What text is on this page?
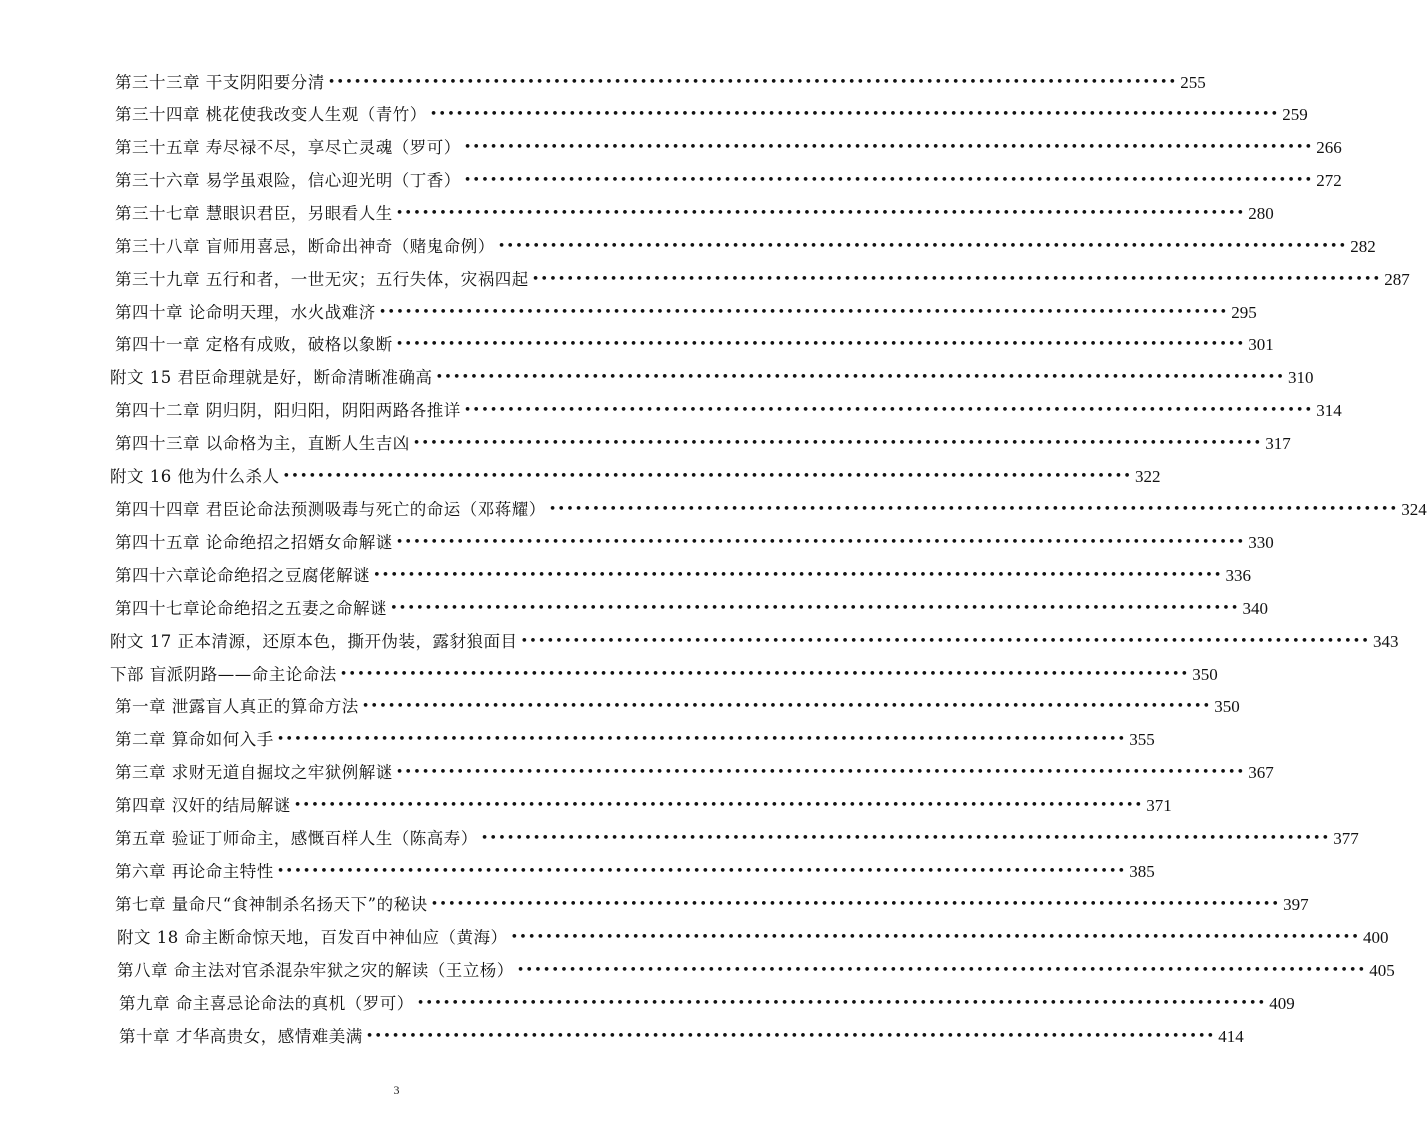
第三十三章 干支阴阳要分清 •••••••••••••••••••••••••••••••••••••••••••••••••••••••••••••••••••••••••••••••••••••••••••••••••• 255
第三十四章 桃花使我改变人生观（青竹） •••••••••••••••••••••••••••••••••••••••••••••••••••••••••••••••••••••••••••••••••••••••••••••••••• 259
第三十五章 寿尽禄不尽，享尽亡灵魂（罗可） •••••••••••••••••••••••••••••••••••••••••••••••••••••••••••••••••••••••••••••••••••••••••••••••••• 266
第三十六章 易学虽艰险，信心迎光明（丁香） •••••••••••••••••••••••••••••••••••••••••••••••••••••••••••••••••••••••••••••••••••••••••••••••••• 272
第三十七章 慧眼识君臣，另眼看人生 •••••••••••••••••••••••••••••••••••••••••••••••••••••••••••••••••••••••••••••••••••••••••••••••••• 280
第三十八章 盲师用喜忌，断命出神奇（赌鬼命例） •••••••••••••••••••••••••••••••••••••••••••••••••••••••••••••••••••••••••••••••••••••••••••••••••• 282
第三十九章 五行和者，一世无灾；五行失体，灾祸四起 •••••••••••••••••••••••••••••••••••••••••••••••••••••••••••••••••••••••••••••••••••••••••••••••••• 287
第四十章 论命明天理，水火战难济 •••••••••••••••••••••••••••••••••••••••••••••••••••••••••••••••••••••••••••••••••••••••••••••••••• 295
第四十一章 定格有成败，破格以象断 •••••••••••••••••••••••••••••••••••••••••••••••••••••••••••••••••••••••••••••••••••••••••••••••••• 301
附文 15 君臣命理就是好，断命清晰准确高 •••••••••••••••••••••••••••••••••••••••••••••••••••••••••••••••••••••••••••••••••••••••••••••••••• 310
第四十二章 阴归阴，阳归阳，阴阳两路各推详 •••••••••••••••••••••••••••••••••••••••••••••••••••••••••••••••••••••••••••••••••••••••••••••••••• 314
第四十三章 以命格为主，直断人生吉凶 •••••••••••••••••••••••••••••••••••••••••••••••••••••••••••••••••••••••••••••••••••••••••••••••••• 317
附文 16 他为什么杀人 •••••••••••••••••••••••••••••••••••••••••••••••••••••••••••••••••••••••••••••••••••••••••••••••••• 322
第四十四章 君臣论命法预测吸毒与死亡的命运（邓蒋耀） •••••••••••••••••••••••••••••••••••••••••••••••••••••••••••••••••••••••••••••••••••••••••••••••••• 324
第四十五章 论命绝招之招婿女命解谜 •••••••••••••••••••••••••••••••••••••••••••••••••••••••••••••••••••••••••••••••••••••••••••••••••• 330
第四十六章论命绝招之豆腐佬解谜 •••••••••••••••••••••••••••••••••••••••••••••••••••••••••••••••••••••••••••••••••••••••••••••••••• 336
第四十七章论命绝招之五妻之命解谜 •••••••••••••••••••••••••••••••••••••••••••••••••••••••••••••••••••••••••••••••••••••••••••••••••• 340
附文 17 正本清源，还原本色，撕开伪装，露豺狼面目 •••••••••••••••••••••••••••••••••••••••••••••••••••••••••••••••••••••••••••••••••••••••••••••••••• 343
下部 盲派阴路——命主论命法 •••••••••••••••••••••••••••••••••••••••••••••••••••••••••••••••••••••••••••••••••••••••••••••••••• 350
第一章 泄露盲人真正的算命方法 •••••••••••••••••••••••••••••••••••••••••••••••••••••••••••••••••••••••••••••••••••••••••••••••••• 350
第二章 算命如何入手 •••••••••••••••••••••••••••••••••••••••••••••••••••••••••••••••••••••••••••••••••••••••••••••••••• 355
第三章 求财无道自掘坟之牢狱例解谜 •••••••••••••••••••••••••••••••••••••••••••••••••••••••••••••••••••••••••••••••••••••••••••••••••• 367
第四章 汉奸的结局解谜 •••••••••••••••••••••••••••••••••••••••••••••••••••••••••••••••••••••••••••••••••••••••••••••••••• 371
第五章 验证丁师命主，感慨百样人生（陈高寿） •••••••••••••••••••••••••••••••••••••••••••••••••••••••••••••••••••••••••••••••••••••••••••••••••• 377
第六章 再论命主特性 •••••••••••••••••••••••••••••••••••••••••••••••••••••••••••••••••••••••••••••••••••••••••••••••••• 385
第七章 量命尺“食神制杀名扬天下”的秘诀 •••••••••••••••••••••••••••••••••••••••••••••••••••••••••••••••••••••••••••••••••••••••••••••••••• 397
附文 18 命主断命惊天地，百发百中神仙应（黄海） •••••••••••••••••••••••••••••••••••••••••••••••••••••••••••••••••••••••••••••••••••••••••••••••••• 400
第八章 命主法对官杀混杂牢狱之灾的解读（王立杨） •••••••••••••••••••••••••••••••••••••••••••••••••••••••••••••••••••••••••••••••••••••••••••••••••• 405
第九章 命主喜忌论命法的真机（罗可） •••••••••••••••••••••••••••••••••••••••••••••••••••••••••••••••••••••••••••••••••••••••••••••••••• 409
第十章 才华高贵女，感情难美满 •••••••••••••••••••••••••••••••••••••••••••••••••••••••••••••••••••••••••••••••••••••••••••••••••• 414
3
